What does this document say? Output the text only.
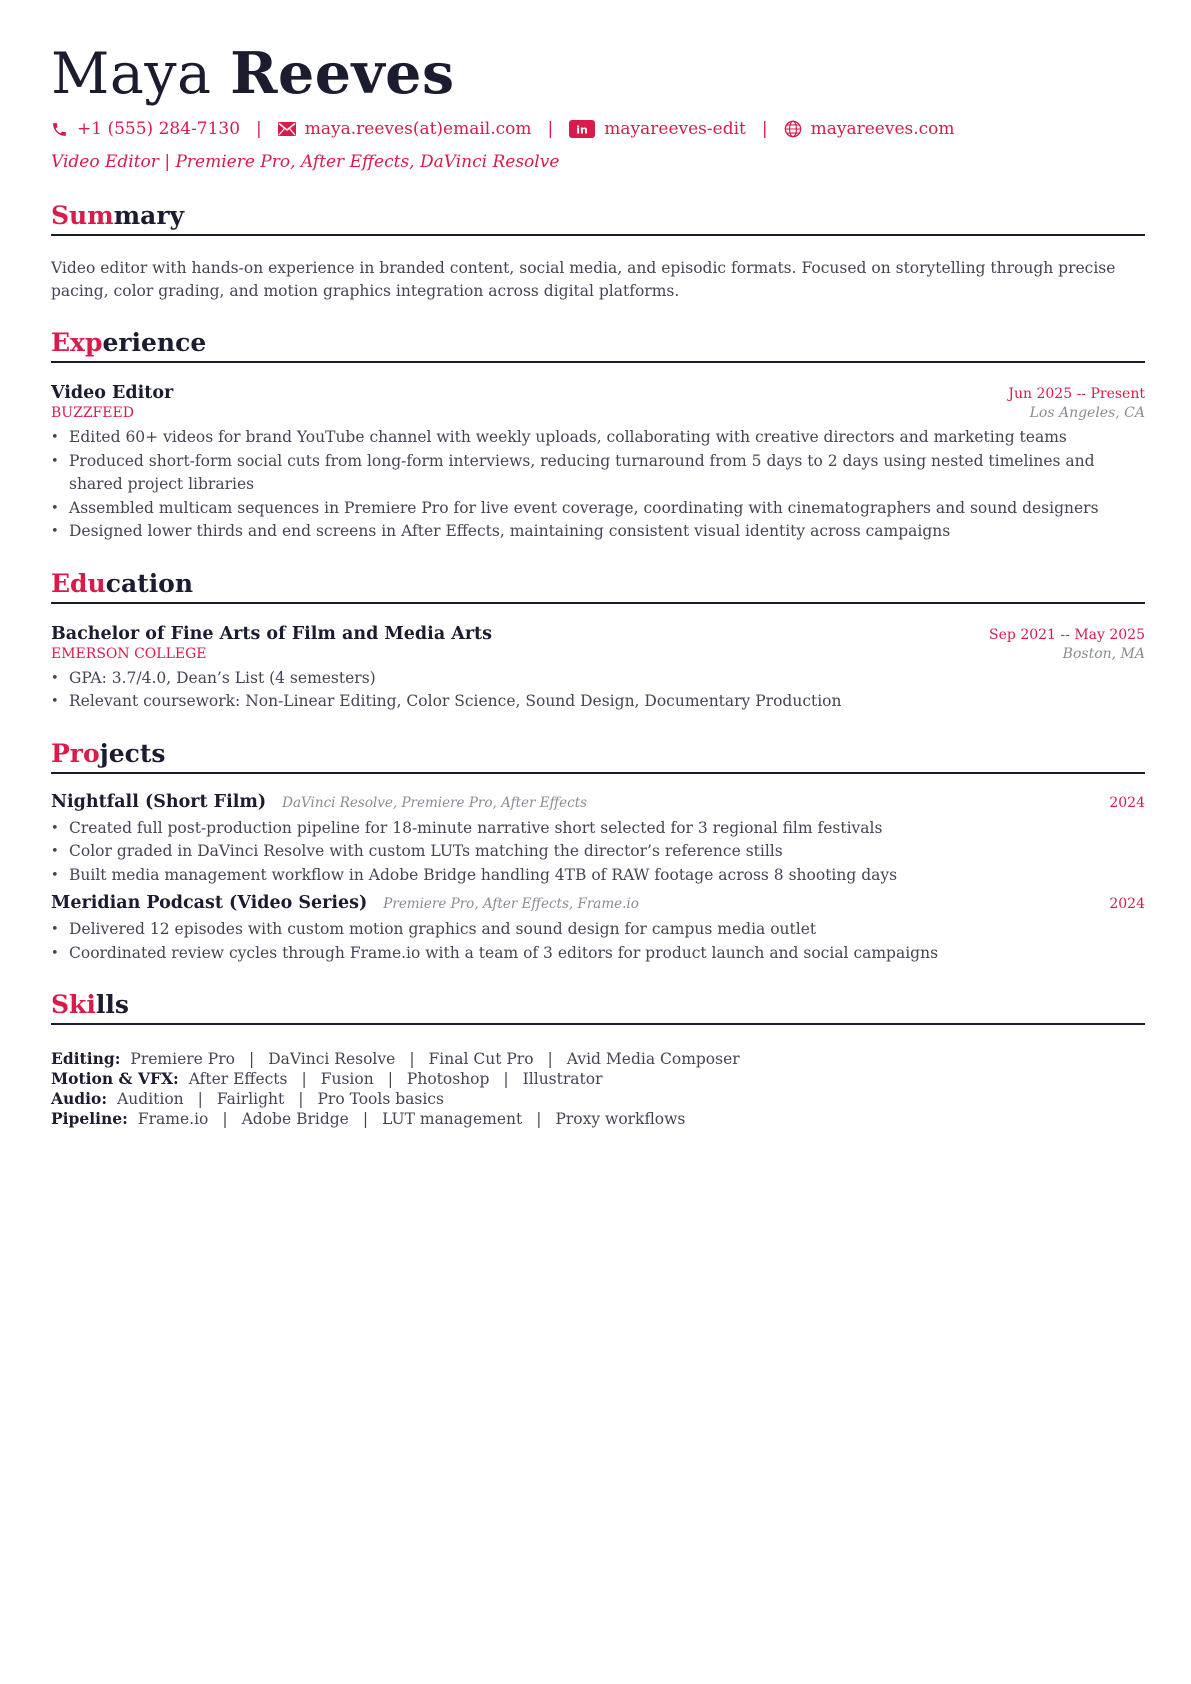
Maya Reeves
+1 (555) 284-7130 |	maya.reeves(at)email.com | in mayareeves-edit |	mayareeves.com
Video Editor | Premiere Pro, After Effects, DaVinci Resolve
Summary
Video editor with hands-on experience in branded content, social media, and episodic formats. Focused on storytelling through precise pacing, color grading, and motion graphics integration across digital platforms.
Experience
Video Editor	Jun 2025 -- Present
BUZZFEED	Los Angeles, CA
• Edited 60+ videos for brand YouTube channel with weekly uploads, collaborating with creative directors and marketing teams
• Produced short-form social cuts from long-form interviews, reducing turnaround from 5 days to 2 days using nested timelines and shared project libraries
• Assembled multicam sequences in Premiere Pro for live event coverage, coordinating with cinematographers and sound designers
• Designed lower thirds and end screens in After Effects, maintaining consistent visual identity across campaigns
Education
Bachelor of Fine Arts of Film and Media Arts	Sep 2021 -- May 2025
EMERSON COLLEGE	Boston, MA
• GPA: 3.7/4.0, Dean’s List (4 semesters)
• Relevant coursework: Non-Linear Editing, Color Science, Sound Design, Documentary Production
Projects
Nightfall (Short Film) DaVinci Resolve, Premiere Pro, After Effects	2024
• Created full post-production pipeline for 18-minute narrative short selected for 3 regional film festivals
• Color graded in DaVinci Resolve with custom LUTs matching the director’s reference stills
• Built media management workflow in Adobe Bridge handling 4TB of RAW footage across 8 shooting days
Meridian Podcast (Video Series) Premiere Pro, After Effects, Frame.io	2024
• Delivered 12 episodes with custom motion graphics and sound design for campus media outlet
• Coordinated review cycles through Frame.io with a team of 3 editors for product launch and social campaigns
Skills
Editing: Premiere Pro | DaVinci Resolve | Final Cut Pro | Avid Media Composer
Motion & VFX: After Effects | Fusion | Photoshop | Illustrator
Audio: Audition | Fairlight | Pro Tools basics
Pipeline: Frame.io | Adobe Bridge | LUT management | Proxy workflows
